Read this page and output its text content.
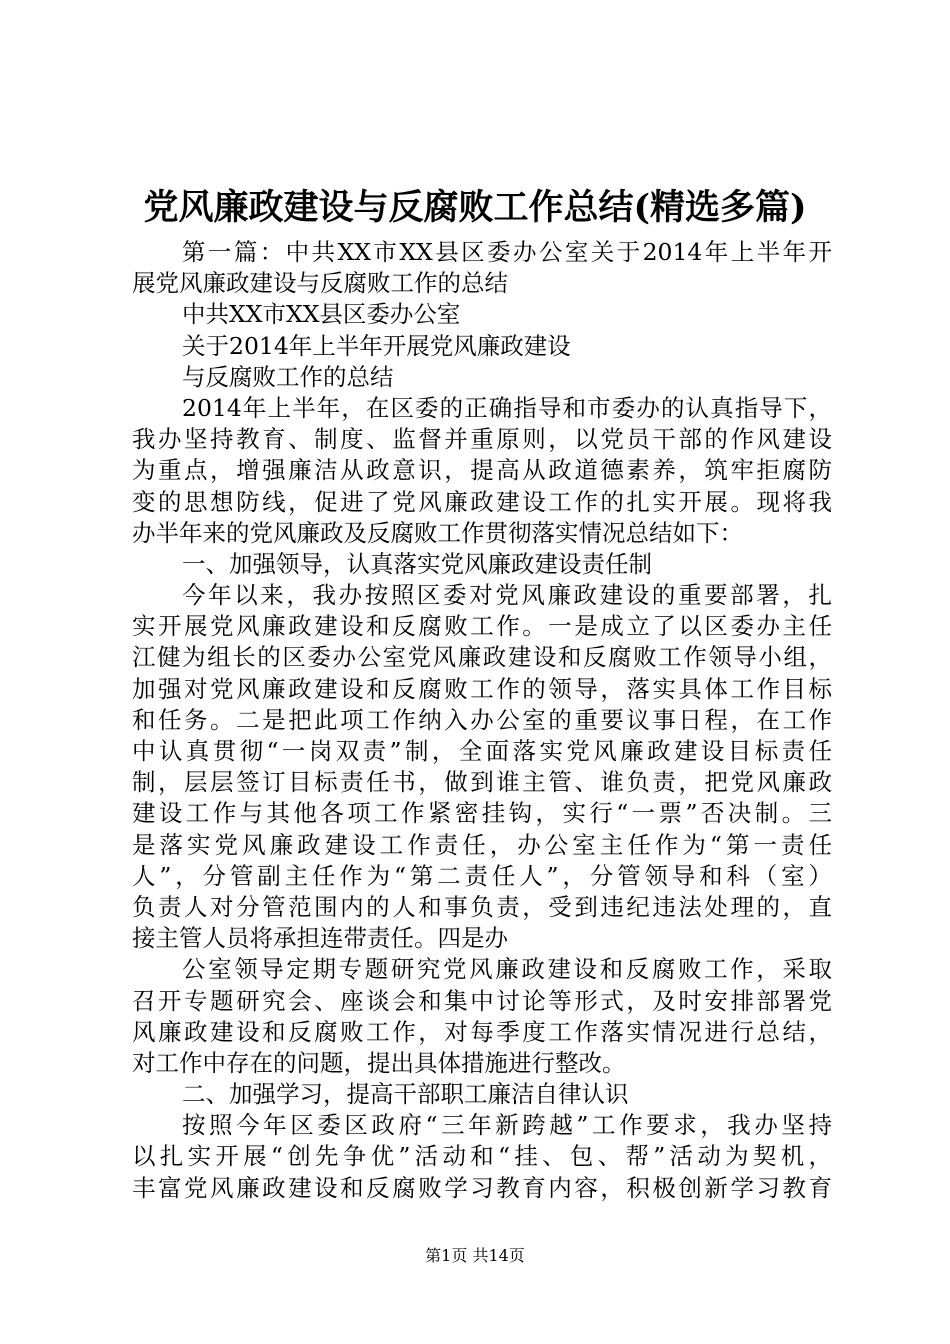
党风廉政建设与反腐败工作总结(精选多篇)
第一篇：中共XX市XX县区委办公室关于2014年上半年开
展党风廉政建设与反腐败工作的总结
中共XX市XX县区委办公室
关于2014年上半年开展党风廉政建设
与反腐败工作的总结
2014年上半年，在区委的正确指导和市委办的认真指导下，
我办坚持教育、制度、监督并重原则，以党员干部的作风建设
为重点，增强廉洁从政意识，提高从政道德素养，筑牢拒腐防
变的思想防线，促进了党风廉政建设工作的扎实开展。现将我
办半年来的党风廉政及反腐败工作贯彻落实情况总结如下：
一、加强领导，认真落实党风廉政建设责任制
今年以来，我办按照区委对党风廉政建设的重要部署，扎
实开展党风廉政建设和反腐败工作。一是成立了以区委办主任
江健为组长的区委办公室党风廉政建设和反腐败工作领导小组，
加强对党风廉政建设和反腐败工作的领导，落实具体工作目标
和任务。二是把此项工作纳入办公室的重要议事日程，在工作
中认真贯彻“一岗双责”制，全面落实党风廉政建设目标责任
制，层层签订目标责任书，做到谁主管、谁负责，把党风廉政
建设工作与其他各项工作紧密挂钩，实行“一票”否决制。三
是落实党风廉政建设工作责任，办公室主任作为“第一责任
人”，分管副主任作为“第二责任人”，分管领导和科（室）
负责人对分管范围内的人和事负责，受到违纪违法处理的，直
接主管人员将承担连带责任。四是办
公室领导定期专题研究党风廉政建设和反腐败工作，采取
召开专题研究会、座谈会和集中讨论等形式，及时安排部署党
风廉政建设和反腐败工作，对每季度工作落实情况进行总结，
对工作中存在的问题，提出具体措施进行整改。
二、加强学习，提高干部职工廉洁自律认识
按照今年区委区政府“三年新跨越”工作要求，我办坚持
以扎实开展“创先争优”活动和“挂、包、帮”活动为契机，
丰富党风廉政建设和反腐败学习教育内容，积极创新学习教育
第1页 共14页
